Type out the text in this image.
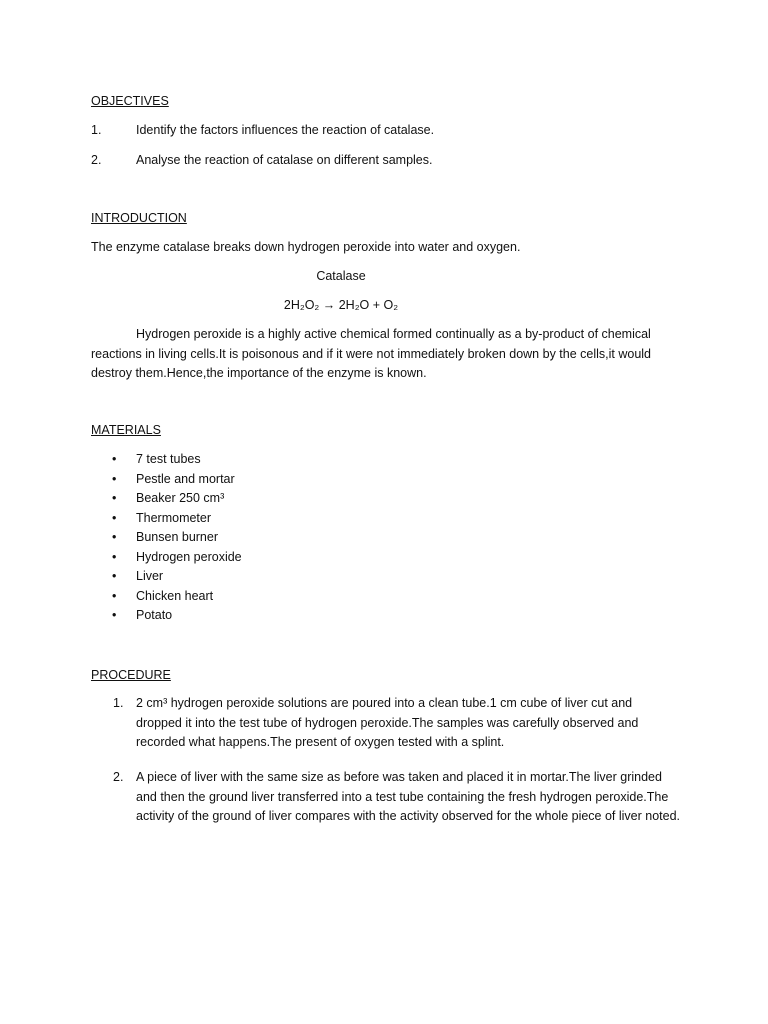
OBJECTIVES
1.	Identify the factors influences the reaction of catalase.
2.	Analyse the reaction of catalase on different samples.
INTRODUCTION
The enzyme catalase breaks down hydrogen peroxide into water and oxygen.
Catalase
2H₂O₂ → 2H₂O + O₂
Hydrogen peroxide is a highly active chemical formed continually as a by-product of chemical reactions in living cells.It is poisonous and if it were not immediately broken down by the cells,it would destroy them.Hence,the importance of the enzyme is known.
MATERIALS
• 7 test tubes
• Pestle and mortar
• Beaker 250 cm³
• Thermometer
• Bunsen burner
• Hydrogen peroxide
• Liver
• Chicken heart
• Potato
PROCEDURE
1. 2 cm³ hydrogen peroxide solutions are poured into a clean tube.1 cm cube of liver cut and dropped it into the test tube of hydrogen peroxide.The samples was carefully observed and recorded what happens.The present of oxygen tested with a splint.
2. A piece of liver with the same size as before was taken and placed it in mortar.The liver grinded and then the ground liver transferred into a test tube containing the fresh hydrogen peroxide.The activity of the ground of liver compares with the activity observed for the whole piece of liver noted.
